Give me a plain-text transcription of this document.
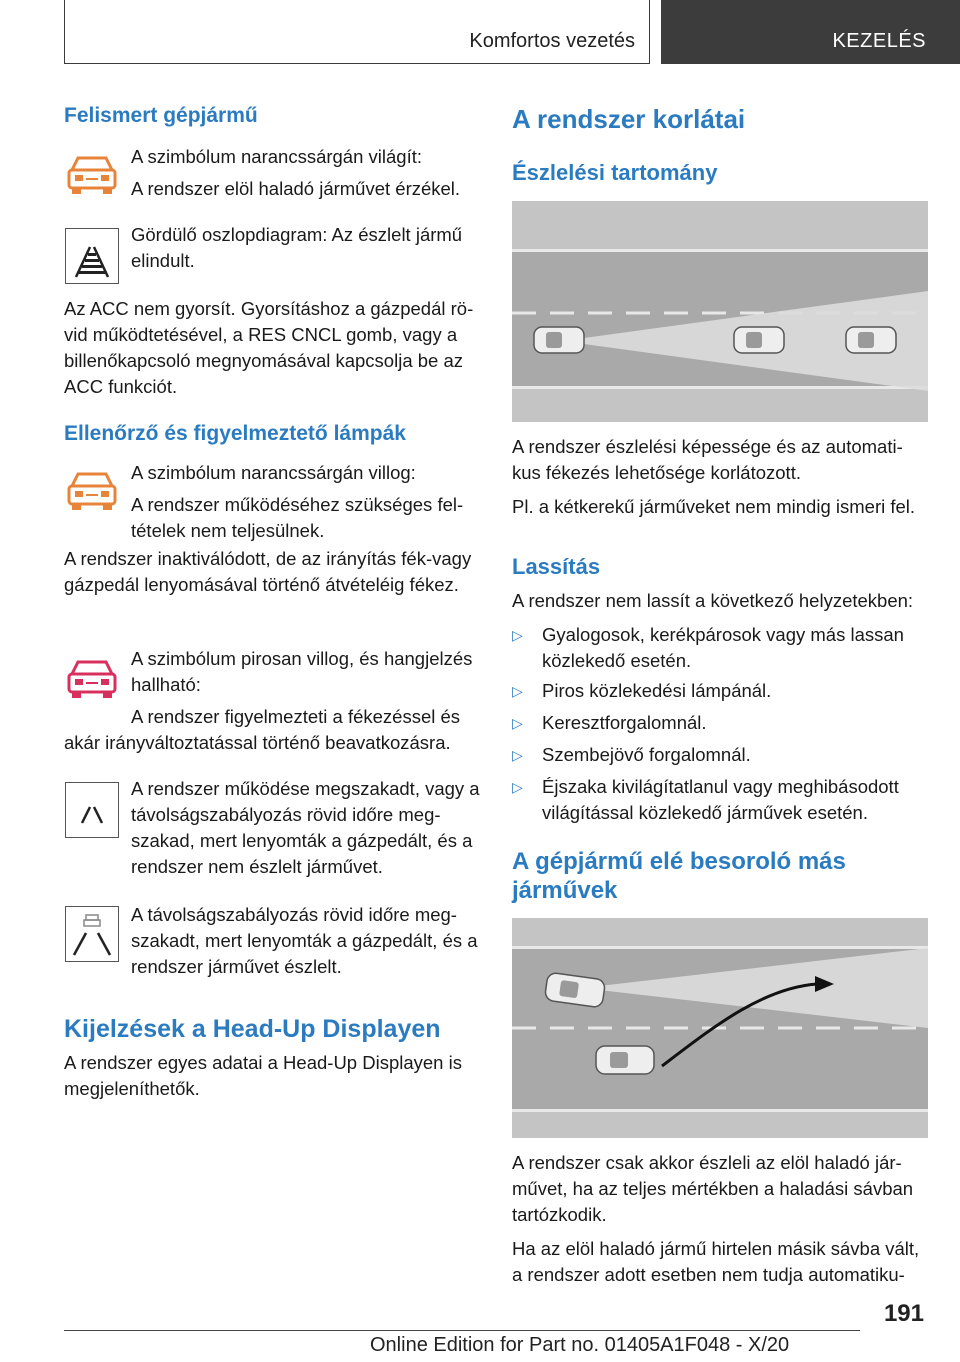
Komfortos vezetés	KEZELÉS
Felismert gépjármű

A szimbólum narancssárgán világít:

A rendszer elöl haladó járművet érzékel.

Gördülő oszlopdiagram: Az észlelt jármű elindult.

Az ACC nem gyorsít. Gyorsításhoz a gázpedál rö-vid működtetésével, a RES CNCL gomb, vagy a billenőkapcsoló megnyomásával kapcsolja be az ACC funkciót.

Ellenőrző és figyelmeztető lámpák

A szimbólum narancssárgán villog:

A rendszer működéséhez szükséges fel-tételek nem teljesülnek.

A rendszer inaktiválódott, de az irányítás fék-vagy gázpedál lenyomásával történő átvételéig fékez.

A szimbólum pirosan villog, és hangjelzés hallható:

A rendszer figyelmezteti a fékezéssel és akár irányváltoztatással történő beavatkozásra.

A rendszer működése megszakadt, vagy a távolságszabályozás rövid időre meg-szakad, mert lenyomták a gázpedált, és a rendszer nem észlelt járművet.

A távolságszabályozás rövid időre meg-szakadt, mert lenyomták a gázpedált, és a rendszer járművet észlelt.

Kijelzések a Head-Up Displayen

A rendszer egyes adatai a Head-Up Displayen is megjeleníthetők.

A rendszer korlátai
Észlelési tartomány

A rendszer észlelési képessége és az automati-kus fékezés lehetősége korlátozott.

Pl. a kétkerekű járműveket nem mindig ismeri fel.

Lassítás

A rendszer nem lassít a következő helyzetekben:

▷ Gyalogosok, kerékpárosok vagy más lassan közlekedő esetén.
▷ Piros közlekedési lámpánál.
▷ Keresztforgalomnál.
▷ Szembejövő forgalomnál.
▷ Éjszaka kivilágítatlanul vagy meghibásodott világítással közlekedő járművek esetén.
A gépjármű elé besoroló más járművek

A rendszer csak akkor észleli az elöl haladó jár-művet, ha az teljes mértékben a haladási sávban tartózkodik.

Ha az elöl haladó jármű hirtelen másik sávba vált, a rendszer adott esetben nem tudja automatiku-

191
Online Edition for Part no. 01405A1F048 - X/20
